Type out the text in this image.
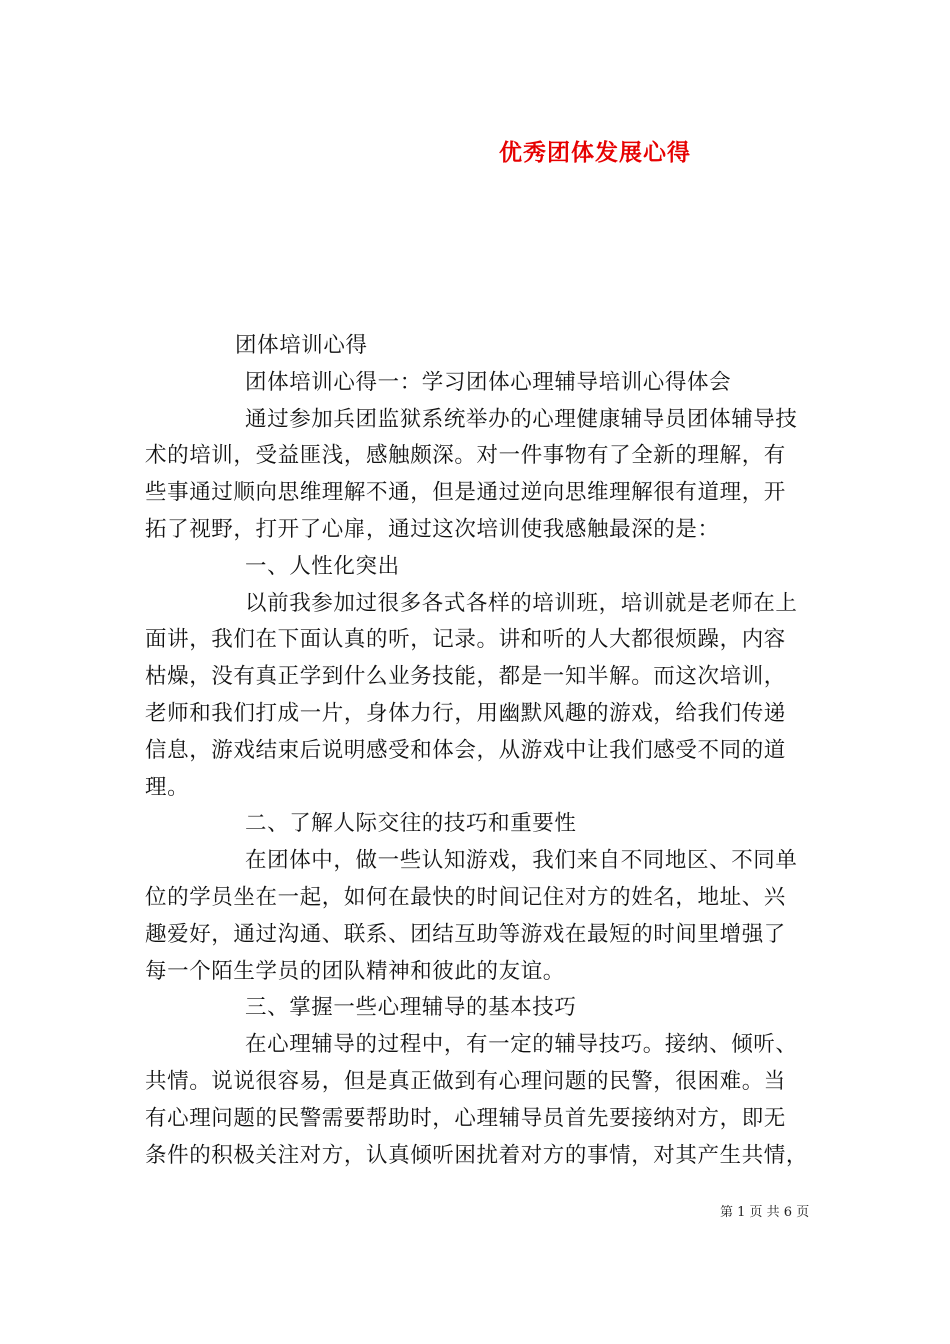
优秀团体发展心得
团体培训心得
团体培训心得一：学习团体心理辅导培训心得体会
通过参加兵团监狱系统举办的心理健康辅导员团体辅导技
术的培训，受益匪浅，感触颇深。对一件事物有了全新的理解，有
些事通过顺向思维理解不通，但是通过逆向思维理解很有道理，开
拓了视野，打开了心扉，通过这次培训使我感触最深的是：
一、人性化突出
以前我参加过很多各式各样的培训班，培训就是老师在上
面讲，我们在下面认真的听，记录。讲和听的人大都很烦躁，内容
枯燥，没有真正学到什么业务技能，都是一知半解。而这次培训，
老师和我们打成一片，身体力行，用幽默风趣的游戏，给我们传递
信息，游戏结束后说明感受和体会，从游戏中让我们感受不同的道
理。
二、了解人际交往的技巧和重要性
在团体中，做一些认知游戏，我们来自不同地区、不同单
位的学员坐在一起，如何在最快的时间记住对方的姓名，地址、兴
趣爱好，通过沟通、联系、团结互助等游戏在最短的时间里增强了
每一个陌生学员的团队精神和彼此的友谊。
三、掌握一些心理辅导的基本技巧
在心理辅导的过程中，有一定的辅导技巧。接纳、倾听、
共情。说说很容易，但是真正做到有心理问题的民警，很困难。当
有心理问题的民警需要帮助时，心理辅导员首先要接纳对方，即无
条件的积极关注对方，认真倾听困扰着对方的事情，对其产生共情，
第 1 页 共 6 页
